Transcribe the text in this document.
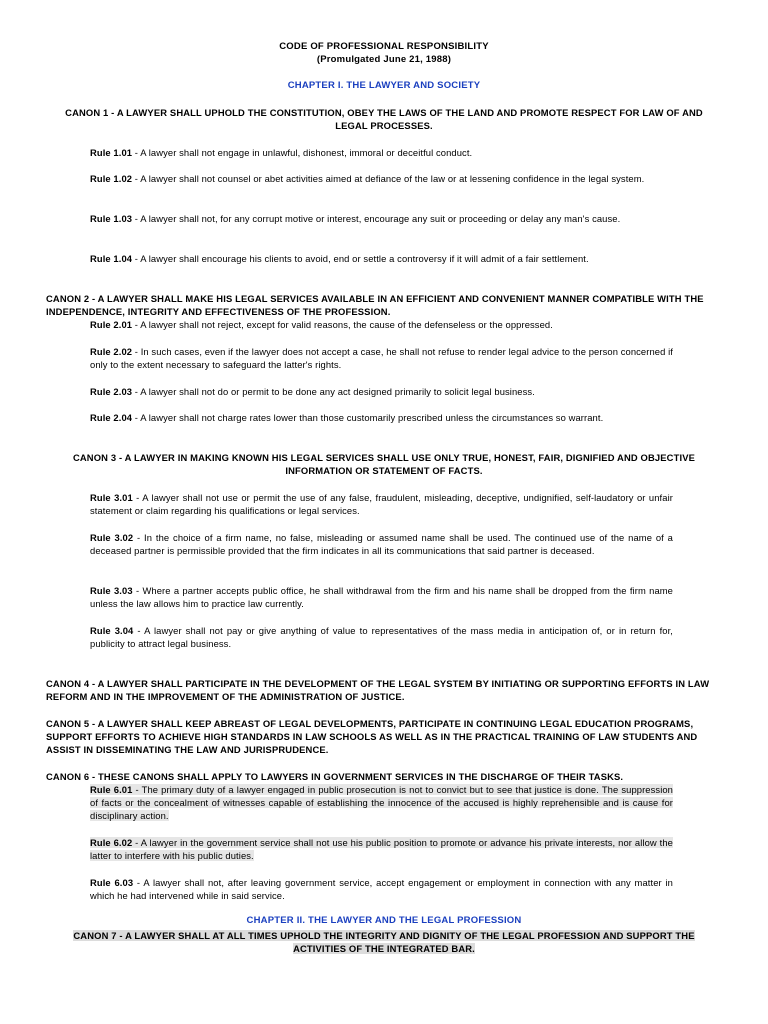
CODE OF PROFESSIONAL RESPONSIBILITY
(Promulgated June 21, 1988)
CHAPTER I. THE LAWYER AND SOCIETY
CANON 1 - A LAWYER SHALL UPHOLD THE CONSTITUTION, OBEY THE LAWS OF THE LAND AND PROMOTE RESPECT FOR LAW OF AND LEGAL PROCESSES.
Rule 1.01 - A lawyer shall not engage in unlawful, dishonest, immoral or deceitful conduct.
Rule 1.02 - A lawyer shall not counsel or abet activities aimed at defiance of the law or at lessening confidence in the legal system.
Rule 1.03 - A lawyer shall not, for any corrupt motive or interest, encourage any suit or proceeding or delay any man's cause.
Rule 1.04 - A lawyer shall encourage his clients to avoid, end or settle a controversy if it will admit of a fair settlement.
CANON 2 - A LAWYER SHALL MAKE HIS LEGAL SERVICES AVAILABLE IN AN EFFICIENT AND CONVENIENT MANNER COMPATIBLE WITH THE INDEPENDENCE, INTEGRITY AND EFFECTIVENESS OF THE PROFESSION.
Rule 2.01 - A lawyer shall not reject, except for valid reasons, the cause of the defenseless or the oppressed.
Rule 2.02 - In such cases, even if the lawyer does not accept a case, he shall not refuse to render legal advice to the person concerned if only to the extent necessary to safeguard the latter's rights.
Rule 2.03 - A lawyer shall not do or permit to be done any act designed primarily to solicit legal business.
Rule 2.04 - A lawyer shall not charge rates lower than those customarily prescribed unless the circumstances so warrant.
CANON 3 - A LAWYER IN MAKING KNOWN HIS LEGAL SERVICES SHALL USE ONLY TRUE, HONEST, FAIR, DIGNIFIED AND OBJECTIVE INFORMATION OR STATEMENT OF FACTS.
Rule 3.01 - A lawyer shall not use or permit the use of any false, fraudulent, misleading, deceptive, undignified, self-laudatory or unfair statement or claim regarding his qualifications or legal services.
Rule 3.02 - In the choice of a firm name, no false, misleading or assumed name shall be used. The continued use of the name of a deceased partner is permissible provided that the firm indicates in all its communications that said partner is deceased.
Rule 3.03 - Where a partner accepts public office, he shall withdrawal from the firm and his name shall be dropped from the firm name unless the law allows him to practice law currently.
Rule 3.04 - A lawyer shall not pay or give anything of value to representatives of the mass media in anticipation of, or in return for, publicity to attract legal business.
CANON 4 - A LAWYER SHALL PARTICIPATE IN THE DEVELOPMENT OF THE LEGAL SYSTEM BY INITIATING OR SUPPORTING EFFORTS IN LAW REFORM AND IN THE IMPROVEMENT OF THE ADMINISTRATION OF JUSTICE.
CANON 5 - A LAWYER SHALL KEEP ABREAST OF LEGAL DEVELOPMENTS, PARTICIPATE IN CONTINUING LEGAL EDUCATION PROGRAMS, SUPPORT EFFORTS TO ACHIEVE HIGH STANDARDS IN LAW SCHOOLS AS WELL AS IN THE PRACTICAL TRAINING OF LAW STUDENTS AND ASSIST IN DISSEMINATING THE LAW AND JURISPRUDENCE.
CANON 6 - THESE CANONS SHALL APPLY TO LAWYERS IN GOVERNMENT SERVICES IN THE DISCHARGE OF THEIR TASKS.
Rule 6.01 - The primary duty of a lawyer engaged in public prosecution is not to convict but to see that justice is done. The suppression of facts or the concealment of witnesses capable of establishing the innocence of the accused is highly reprehensible and is cause for disciplinary action.
Rule 6.02 - A lawyer in the government service shall not use his public position to promote or advance his private interests, nor allow the latter to interfere with his public duties.
Rule 6.03 - A lawyer shall not, after leaving government service, accept engagement or employment in connection with any matter in which he had intervened while in said service.
CHAPTER II. THE LAWYER AND THE LEGAL PROFESSION
CANON 7 - A LAWYER SHALL AT ALL TIMES UPHOLD THE INTEGRITY AND DIGNITY OF THE LEGAL PROFESSION AND SUPPORT THE ACTIVITIES OF THE INTEGRATED BAR.
